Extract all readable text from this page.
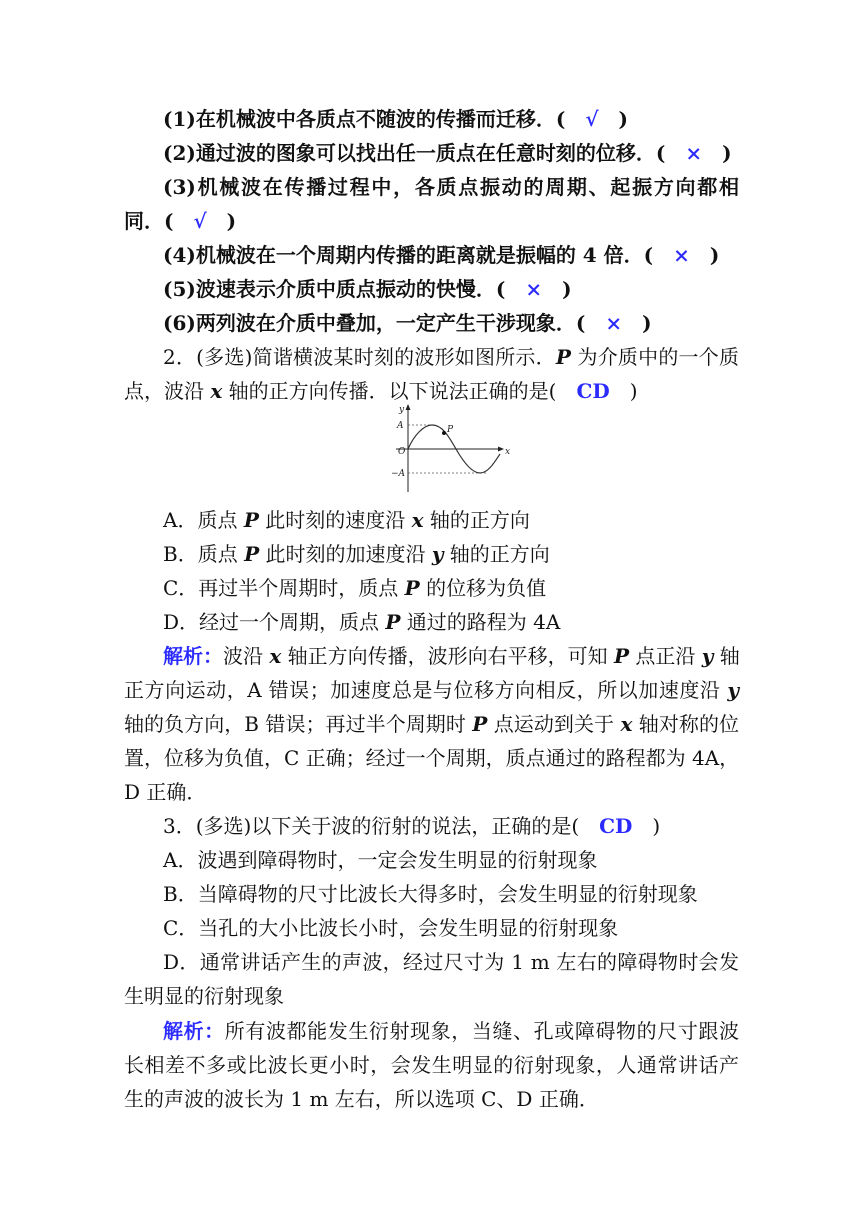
(1)在机械波中各质点不随波的传播而迁移．(　√　)
(2)通过波的图象可以找出任一质点在任意时刻的位移．(　×　)
(3)机械波在传播过程中，各质点振动的周期、起振方向都相
同．(　√　)
(4)机械波在一个周期内传播的距离就是振幅的 4 倍．(　×　)
(5)波速表示介质中质点振动的快慢．(　×　)
(6)两列波在介质中叠加，一定产生干涉现象．(　×　)
2．(多选)简谐横波某时刻的波形如图所示．P 为介质中的一个质
点，波沿 x 轴的正方向传播．以下说法正确的是(　CD　)
y
x
O
A
−A
P
A．质点 P 此时刻的速度沿 x 轴的正方向
B．质点 P 此时刻的加速度沿 y 轴的正方向
C．再过半个周期时，质点 P 的位移为负值
D．经过一个周期，质点 P 通过的路程为 4A
解析：波沿 x 轴正方向传播，波形向右平移，可知 P 点正沿 y 轴
正方向运动，A 错误；加速度总是与位移方向相反，所以加速度沿 y
轴的负方向，B 错误；再过半个周期时 P 点运动到关于 x 轴对称的位
置，位移为负值，C 正确；经过一个周期，质点通过的路程都为 4A，
D 正确．
3．(多选)以下关于波的衍射的说法，正确的是(　CD　)
A．波遇到障碍物时，一定会发生明显的衍射现象
B．当障碍物的尺寸比波长大得多时，会发生明显的衍射现象
C．当孔的大小比波长小时，会发生明显的衍射现象
D．通常讲话产生的声波，经过尺寸为 1 m 左右的障碍物时会发
生明显的衍射现象
解析：所有波都能发生衍射现象，当缝、孔或障碍物的尺寸跟波
长相差不多或比波长更小时，会发生明显的衍射现象，人通常讲话产
生的声波的波长为 1 m 左右，所以选项 C、D 正确．
